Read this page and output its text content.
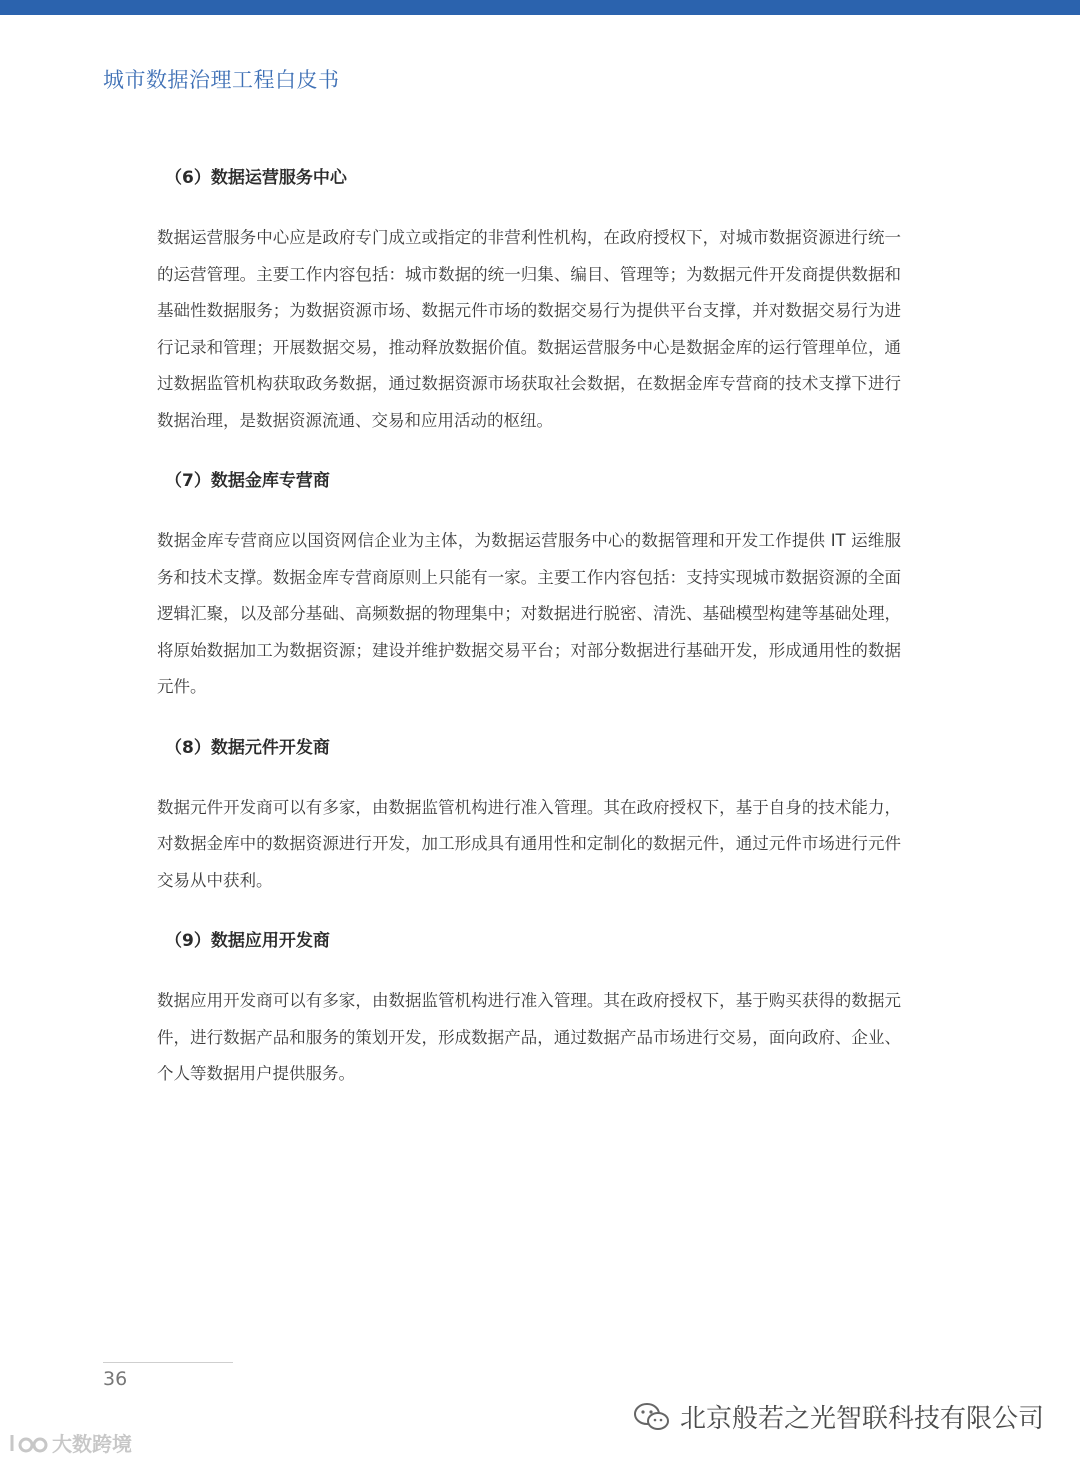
城市数据治理工程白皮书
（6）数据运营服务中心

数据运营服务中心应是政府专门成立或指定的非营利性机构，在政府授权下，对城市数据资源进行统一的运营管理。主要工作内容包括：城市数据的统一归集、编目、管理等；为数据元件开发商提供数据和基础性数据服务；为数据资源市场、数据元件市场的数据交易行为提供平台支撑，并对数据交易行为进行记录和管理；开展数据交易，推动释放数据价值。数据运营服务中心是数据金库的运行管理单位，通过数据监管机构获取政务数据，通过数据资源市场获取社会数据，在数据金库专营商的技术支撑下进行数据治理，是数据资源流通、交易和应用活动的枢纽。

（7）数据金库专营商

数据金库专营商应以国资网信企业为主体，为数据运营服务中心的数据管理和开发工作提供 IT 运维服务和技术支撑。数据金库专营商原则上只能有一家。主要工作内容包括：支持实现城市数据资源的全面逻辑汇聚，以及部分基础、高频数据的物理集中；对数据进行脱密、清洗、基础模型构建等基础处理，将原始数据加工为数据资源；建设并维护数据交易平台；对部分数据进行基础开发，形成通用性的数据元件。

（8）数据元件开发商

数据元件开发商可以有多家，由数据监管机构进行准入管理。其在政府授权下，基于自身的技术能力，对数据金库中的数据资源进行开发，加工形成具有通用性和定制化的数据元件，通过元件市场进行元件交易从中获利。

（9）数据应用开发商

数据应用开发商可以有多家，由数据监管机构进行准入管理。其在政府授权下，基于购买获得的数据元件，进行数据产品和服务的策划开发，形成数据产品，通过数据产品市场进行交易，面向政府、企业、个人等数据用户提供服务。

36
北京般若之光智联科技有限公司
大数跨境
